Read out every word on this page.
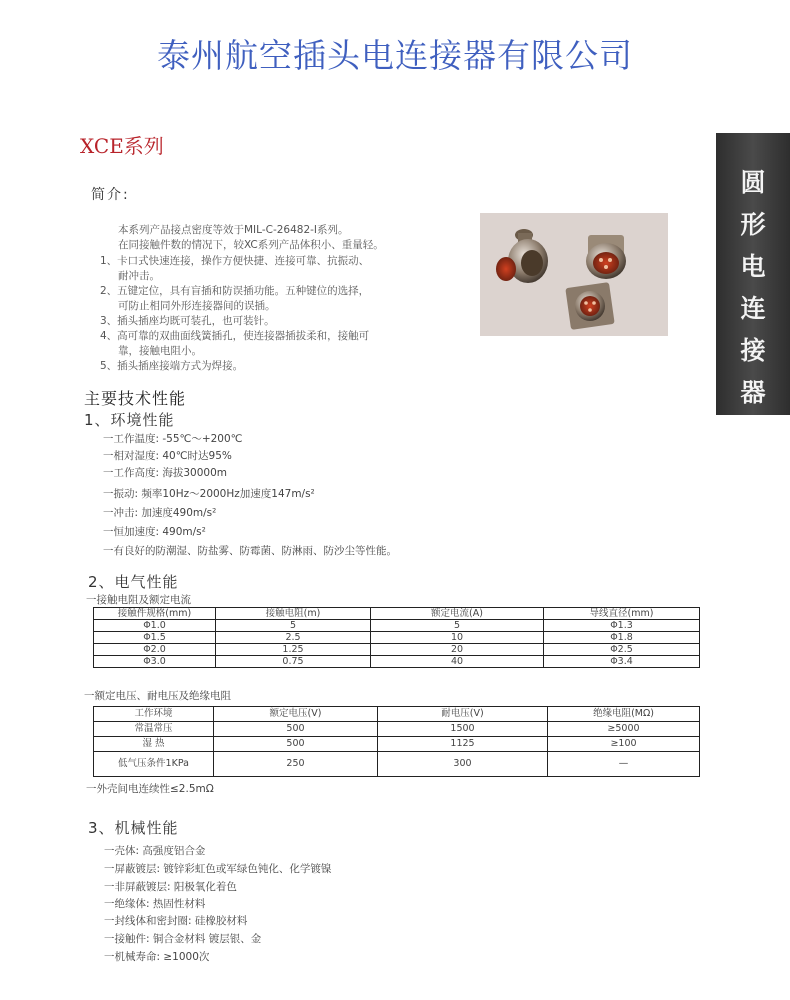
泰州航空插头电连接器有限公司
XCE系列
圆
形
电
连
接
器
简介:
本系列产品接点密度等效于MIL-C-26482-Ⅰ系列。
在同接触件数的情况下，较XC系列产品体积小、重量轻。
1、卡口式快速连接，操作方便快捷、连接可靠、抗振动、
耐冲击。
2、五键定位，具有盲插和防误插功能。五种键位的选择，
可防止相同外形连接器间的误插。
3、插头插座均既可装孔，也可装针。
4、高可靠的双曲面线簧插孔，使连接器插拔柔和，接触可
靠，接触电阻小。
5、插头插座接端方式为焊接。
主要技术性能
1、环境性能
一工作温度: -55℃～+200℃
一相对湿度: 40℃时达95%
一工作高度: 海拔30000m
一振动: 频率10Hz～2000Hz加速度147m/s²
一冲击: 加速度490m/s²
一恒加速度: 490m/s²
一有良好的防潮湿、防盐雾、防霉菌、防淋雨、防沙尘等性能。
2、电气性能
一接触电阻及额定电流
接触件规格(mm)	接触电阻(m)	额定电流(A)	导线直径(mm)
Φ1.0	5	5	Φ1.3
Φ1.5	2.5	10	Φ1.8
Φ2.0	1.25	20	Φ2.5
Φ3.0	0.75	40	Φ3.4
一额定电压、耐电压及绝缘电阻
工作环境	额定电压(V)	耐电压(V)	绝缘电阻(MΩ)
常温常压	500	1500	≥5000
湿 热	500	1125	≥100
低气压条件1KPa	250	300	—
一外壳间电连续性≤2.5mΩ
3、机械性能
一壳体: 高强度铝合金
一屏蔽镀层: 镀锌彩虹色或军绿色钝化、化学镀镍
一非屏蔽镀层: 阳极氧化着色
一绝缘体: 热固性材料
一封线体和密封圈: 硅橡胶材料
一接触件: 铜合金材料 镀层银、金
一机械寿命: ≥1000次
